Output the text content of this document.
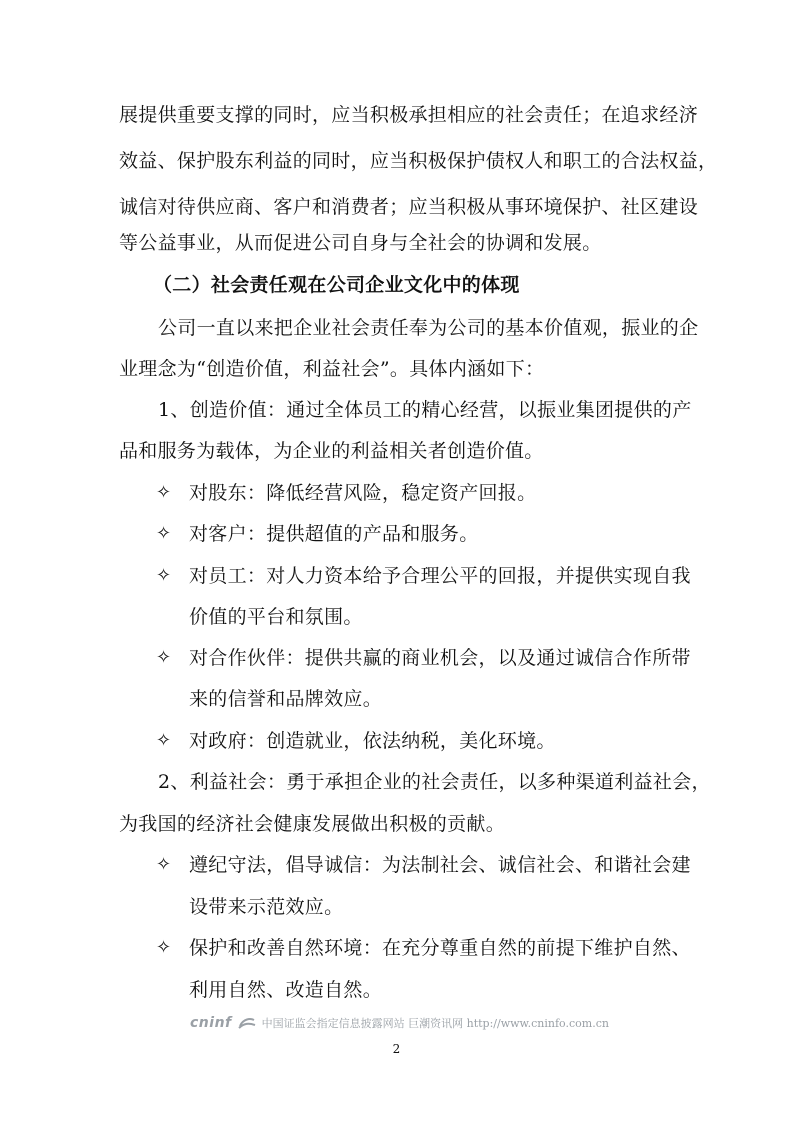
展提供重要支撑的同时，应当积极承担相应的社会责任；在追求经济
效益、保护股东利益的同时，应当积极保护债权人和职工的合法权益，
诚信对待供应商、客户和消费者；应当积极从事环境保护、社区建设
等公益事业，从而促进公司自身与全社会的协调和发展。
（二）社会责任观在公司企业文化中的体现
公司一直以来把企业社会责任奉为公司的基本价值观，振业的企
业理念为“创造价值，利益社会”。具体内涵如下：
1、创造价值：通过全体员工的精心经营，以振业集团提供的产
品和服务为载体，为企业的利益相关者创造价值。
✧ 对股东：降低经营风险，稳定资产回报。
✧ 对客户：提供超值的产品和服务。
✧ 对员工：对人力资本给予合理公平的回报，并提供实现自我
价值的平台和氛围。
✧ 对合作伙伴：提供共赢的商业机会，以及通过诚信合作所带
来的信誉和品牌效应。
✧ 对政府：创造就业，依法纳税，美化环境。
2、利益社会：勇于承担企业的社会责任，以多种渠道利益社会，
为我国的经济社会健康发展做出积极的贡献。
✧ 遵纪守法，倡导诚信：为法制社会、诚信社会、和谐社会建
设带来示范效应。
✧ 保护和改善自然环境：在充分尊重自然的前提下维护自然、
利用自然、改造自然。
cninf	中国证监会指定信息披露网站 巨潮资讯网 http://www.cninfo.com.cn
2
